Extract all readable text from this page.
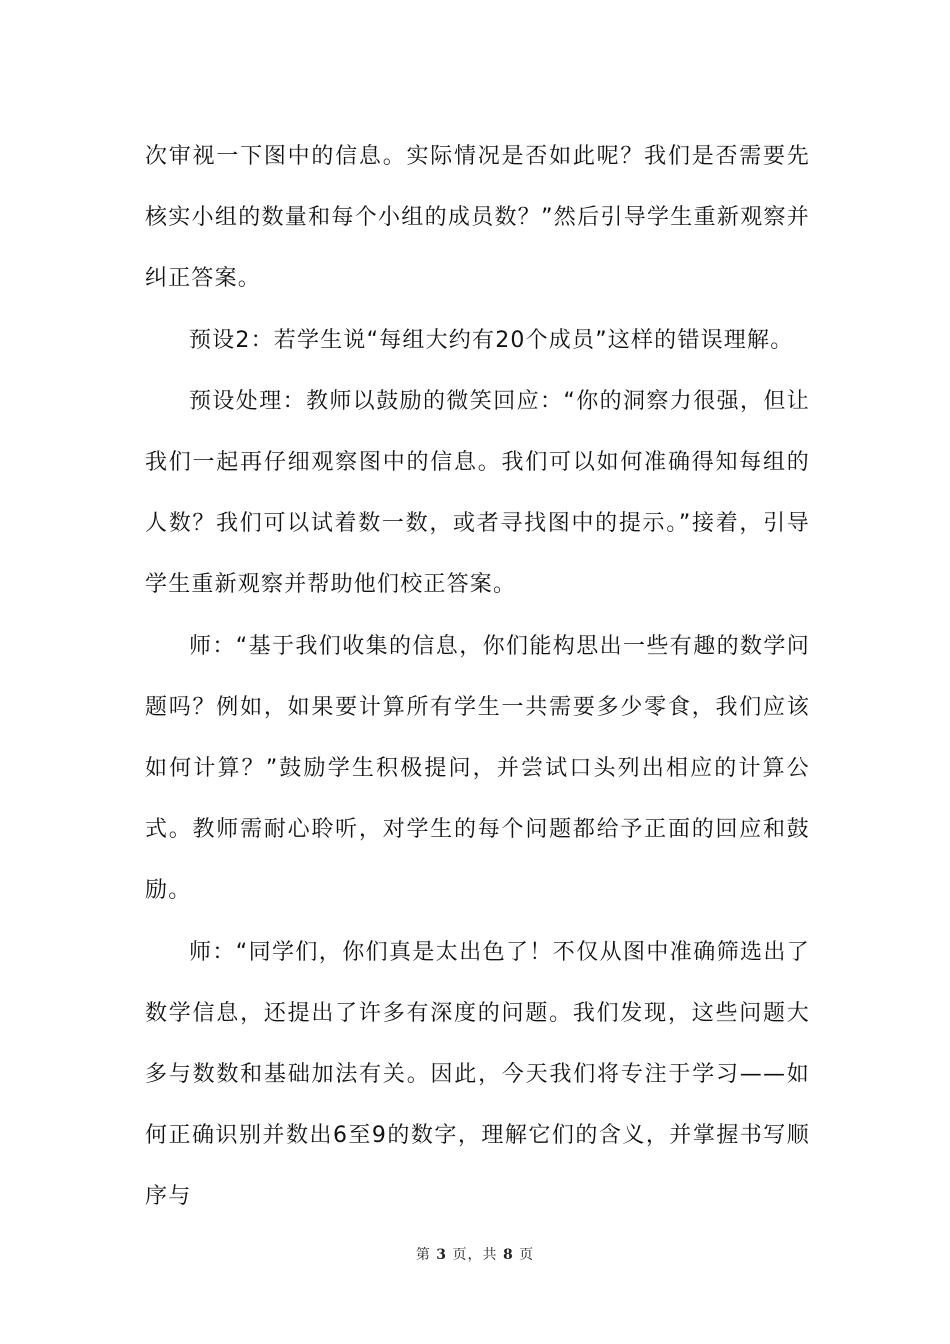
次审视一下图中的信息。实际情况是否如此呢？我们是否需要先核实小组的数量和每个小组的成员数？”然后引导学生重新观察并纠正答案。

预设2：若学生说“每组大约有20个成员”这样的错误理解。

预设处理：教师以鼓励的微笑回应：“你的洞察力很强，但让我们一起再仔细观察图中的信息。我们可以如何准确得知每组的人数？我们可以试着数一数，或者寻找图中的提示。”接着，引导学生重新观察并帮助他们校正答案。

师：“基于我们收集的信息，你们能构思出一些有趣的数学问题吗？例如，如果要计算所有学生一共需要多少零食，我们应该如何计算？”鼓励学生积极提问，并尝试口头列出相应的计算公式。教师需耐心聆听，对学生的每个问题都给予正面的回应和鼓励。

师：“同学们，你们真是太出色了！不仅从图中准确筛选出了数学信息，还提出了许多有深度的问题。我们发现，这些问题大多与数数和基础加法有关。因此，今天我们将专注于学习——如何正确识别并数出6至9的数字，理解它们的含义，并掌握书写顺序与

第 3 页，共 8 页
